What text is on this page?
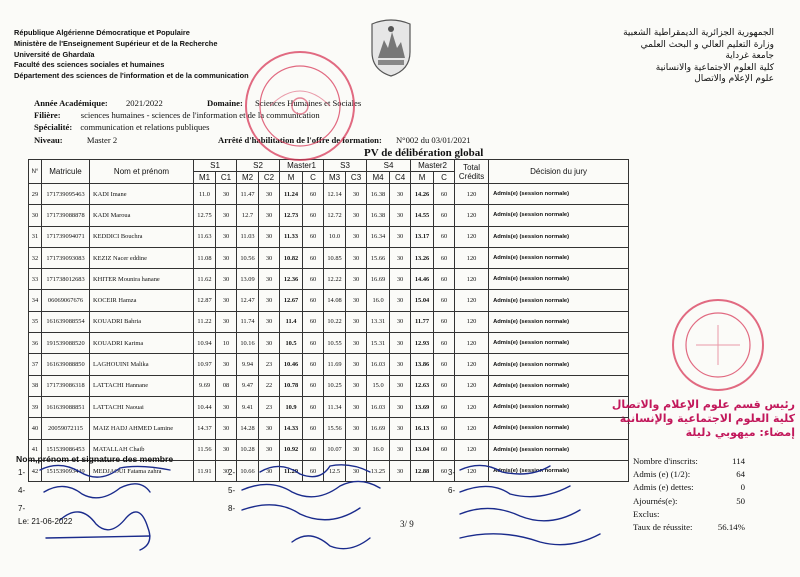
République Algérienne Démocratique et Populaire
Ministère de l'Enseignement Supérieur et de la Recherche
Université de Ghardaïa
Faculté des sciences sociales et humaines
Département des sciences de l'information et de la communication
الجمهورية الجزائرية الديمقراطية الشعبية
وزارة التعليم العالي و البحث العلمي
جامعة غرداية
كلية العلوم الاجتماعية والانسانية
علوم الإعلام والاتصال
Année Académique: 2021/2022	Domaine: Sciences Humaines et Sociales
Filière: sciences humaines - sciences de l'information et de la communication
Spécialité: communication et relations publiques
Niveau:	Master 2	Arrêté d'habilitation de l'offre de formation: N°002 du 03/01/2021
PV de délibération global
N°	Matricule	Nom et prénom	S1		S2		Master1		S3		S4		Master2		Total
Crédits	Décision du jury
			M1	C1	M2	C2	M	C	M3	C3	M4	C4	M	C		
29	171739095463	KADI Imane	11.0	30	11.47	30	11.24	60	12.14	30	16.38	30	14.26	60	120	Admis(e) (session normale)
30	171739088878	KADI Maroua	12.75	30	12.7	30	12.73	60	12.72	30	16.38	30	14.55	60	120	Admis(e) (session normale)
31	171739094071	KEDDICI Bouchra	11.63	30	11.03	30	11.33	60	10.0	30	16.34	30	13.17	60	120	Admis(e) (session normale)
32	171739093083	KEZIZ Nacer eddine	11.08	30	10.56	30	10.82	60	10.85	30	15.66	30	13.26	60	120	Admis(e) (session normale)
33	171738012683	KHITER Mounira hanane	11.62	30	13.09	30	12.36	60	12.22	30	16.69	30	14.46	60	120	Admis(e) (session normale)
34	06069067676	KOCEIR Hamza	12.87	30	12.47	30	12.67	60	14.08	30	16.0	30	15.04	60	120	Admis(e) (session normale)
35	161639088554	KOUADRI Bahria	11.22	30	11.74	30	11.4	60	10.22	30	13.31	30	11.77	60	120	Admis(e) (session normale)
36	191539088520	KOUADRI Karima	10.94	10	10.16	30	10.5	60	10.55	30	15.31	30	12.93	60	120	Admis(e) (session normale)
37	161639088850	LAGHOUINI Malika	10.97	30	9.94	23	10.46	60	11.69	30	16.03	30	13.86	60	120	Admis(e) (session normale)
38	171739086318	LATTACHI Hannane	9.69	08	9.47	22	10.78	60	10.25	30	15.0	30	12.63	60	120	Admis(e) (session normale)
39	161639088851	LATTACHI Naouai	10.44	30	9.41	23	10.9	60	11.34	30	16.03	30	13.69	60	120	Admis(e) (session normale)
40	20059072115	MAIZ HADJ AHMED Lamine	14.37	30	14.28	30	14.33	60	15.56	30	16.69	30	16.13	60	120	Admis(e) (session normale)
41	151539086453	MATALLAH Chaib	11.56	30	10.28	30	10.92	60	10.07	30	16.0	30	13.04	60	120	Admis(e) (session normale)
42	151539093449	MEDJAOUI Fatama zahra	11.91	30	10.66	30	11.29	60	12.5	30	13.25	30	12.88	60	120	Admis(e) (session normale)
رئيس قسم علوم الإعلام والاتصال
كلية العلوم الاجتماعية والإنسانية
إمضاء: ميهوبي دليلة
Nom,prénom et signature des membre
1-
4-
7-
2-
5-
8-
3-
6-
Nombre d'inscrits:	114
Admis (e) (1/2):	64
Admis (e) dettes:	0
Ajournés(e):	50
Exclus:
Taux de réussite:	56.14%
Le: 21-06-2022	3/ 9
